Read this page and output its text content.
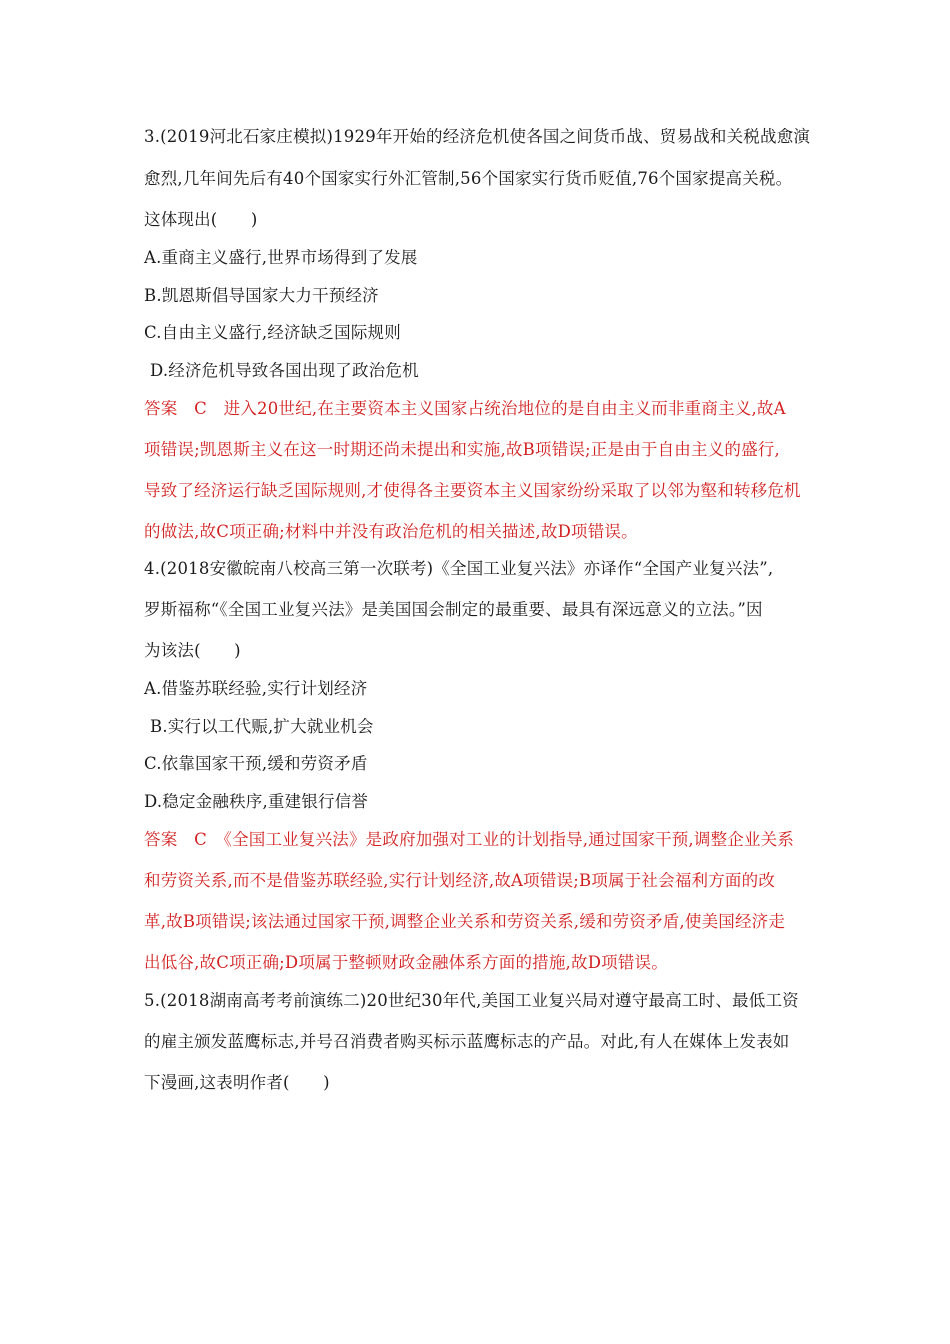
3.(2019河北石家庄模拟)1929年开始的经济危机使各国之间货币战、贸易战和关税战愈演
愈烈,几年间先后有40个国家实行外汇管制,56个国家实行货币贬值,76个国家提高关税。
这体现出(　　)
A.重商主义盛行,世界市场得到了发展
B.凯恩斯倡导国家大力干预经济
C.自由主义盛行,经济缺乏国际规则
D.经济危机导致各国出现了政治危机
答案　C　进入20世纪,在主要资本主义国家占统治地位的是自由主义而非重商主义,故A
项错误;凯恩斯主义在这一时期还尚未提出和实施,故B项错误;正是由于自由主义的盛行,
导致了经济运行缺乏国际规则,才使得各主要资本主义国家纷纷采取了以邻为壑和转移危机
的做法,故C项正确;材料中并没有政治危机的相关描述,故D项错误。
4.(2018安徽皖南八校高三第一次联考)《全国工业复兴法》亦译作“全国产业复兴法”,
罗斯福称“《全国工业复兴法》是美国国会制定的最重要、最具有深远意义的立法。”因
为该法(　　)
A.借鉴苏联经验,实行计划经济
B.实行以工代赈,扩大就业机会
C.依靠国家干预,缓和劳资矛盾
D.稳定金融秩序,重建银行信誉
答案　C　《全国工业复兴法》是政府加强对工业的计划指导,通过国家干预,调整企业关系
和劳资关系,而不是借鉴苏联经验,实行计划经济,故A项错误;B项属于社会福利方面的改
革,故B项错误;该法通过国家干预,调整企业关系和劳资关系,缓和劳资矛盾,使美国经济走
出低谷,故C项正确;D项属于整顿财政金融体系方面的措施,故D项错误。
5.(2018湖南高考考前演练二)20世纪30年代,美国工业复兴局对遵守最高工时、最低工资
的雇主颁发蓝鹰标志,并号召消费者购买标示蓝鹰标志的产品。对此,有人在媒体上发表如
下漫画,这表明作者(　　)
